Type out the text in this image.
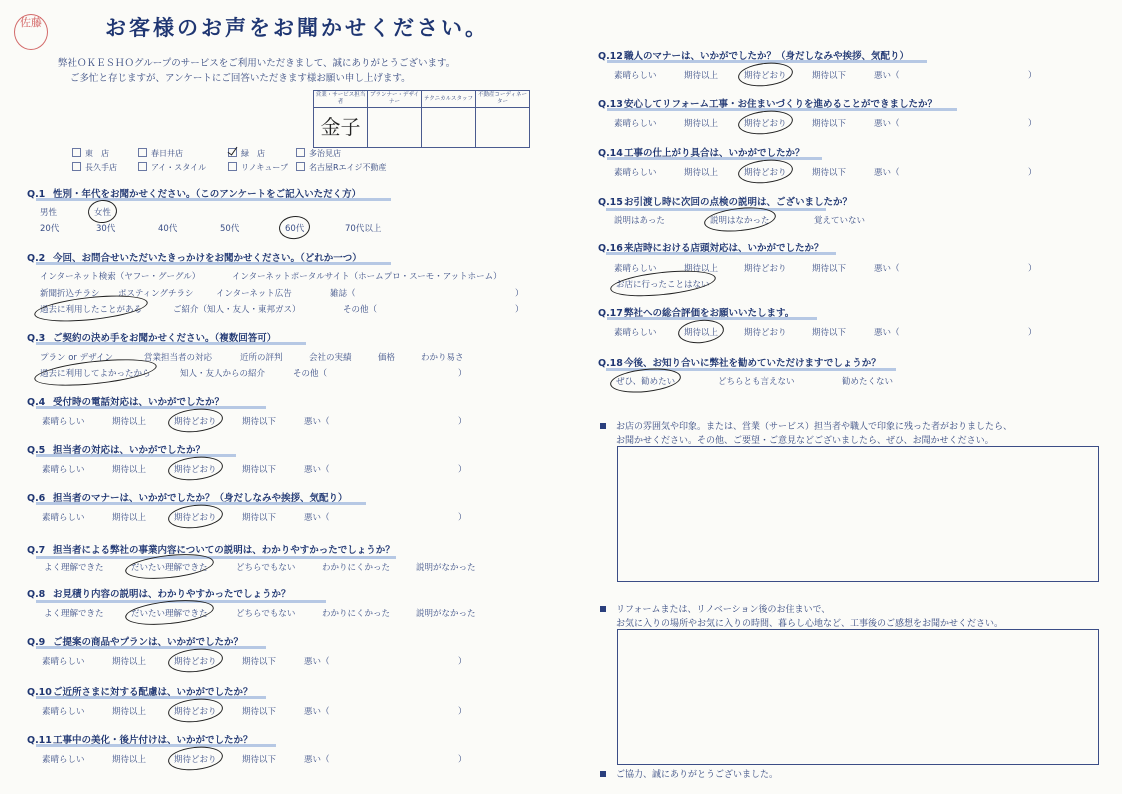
佐藤	お客様のお声をお聞かせください。
弊社ＯＫＥＳＨＯグループのサービスをご利用いただきまして、誠にありがとうございます。
ご多忙と存じますが、アンケートにご回答いただきます様お願い申し上げます。
営業・サービス担当者	プランナー・デザイナー	テクニカルスタッフ	不動産コーディネーター
金子			
東　店	春日井店	緑　店	多治見店
長久手店	アイ・スタイル	リノキューブ	名古屋Rエイジ不動産
Q.1 性別・年代をお聞かせください。（このアンケートをご記入いただく方）
男性	女性
20代	30代	40代	50代	60代	70代以上
Q.2 今回、お問合せいただいたきっかけをお聞かせください。（どれか一つ）
インターネット検索（ヤフー・グーグル）	インターネットポータルサイト（ホームプロ・スーモ・アットホーム）
新聞折込チラシ ポスティングチラシ	インターネット広告	雑誌（	）
過去に利用したことがある	ご紹介（知人・友人・東邦ガス）	その他（	）
Q.3 ご契約の決め手をお聞かせください。（複数回答可）
プラン or デザイン	営業担当者の対応	近所の評判	会社の実績	価格	わかり易さ
過去に利用してよかったから	知人・友人からの紹介	その他（	）
Q.4 受付時の電話対応は、いかがでしたか？
素晴らしい	期待以上	期待どおり	期待以下	悪い（	）
Q.5 担当者の対応は、いかがでしたか？
素晴らしい	期待以上	期待どおり	期待以下	悪い（	）
Q.6 担当者のマナーは、いかがでしたか？（身だしなみや挨拶、気配り）
素晴らしい	期待以上	期待どおり	期待以下	悪い（	）
Q.9 ご提案の商品やプランは、いかがでしたか？
素晴らしい	期待以上	期待どおり	期待以下	悪い（	）
Q.10ご近所さまに対する配慮は、いかがでしたか？
素晴らしい	期待以上	期待どおり	期待以下	悪い（	）
Q.11工事中の美化・後片付けは、いかがでしたか？
素晴らしい	期待以上	期待どおり	期待以下	悪い（	）
Q.7 担当者による弊社の事業内容についての説明は、わかりやすかったでしょうか？
よく理解できた	だいたい理解できた	どちらでもない	わかりにくかった	説明がなかった
Q.8 お見積り内容の説明は、わかりやすかったでしょうか？
よく理解できた	だいたい理解できた	どちらでもない	わかりにくかった	説明がなかった
Q.12職人のマナーは、いかがでしたか？（身だしなみや挨拶、気配り）
素晴らしい	期待以上	期待どおり	期待以下	悪い（	）
Q.13安心してリフォーム工事・お住まいづくりを進めることができましたか？
素晴らしい	期待以上	期待どおり	期待以下	悪い（	）
Q.14工事の仕上がり具合は、いかがでしたか？
素晴らしい	期待以上	期待どおり	期待以下	悪い（	）
Q.17弊社への総合評価をお願いいたします。
素晴らしい	期待以上	期待どおり	期待以下	悪い（	）
Q.15お引渡し時に次回の点検の説明は、ございましたか？
説明はあった	説明はなかった	覚えていない
Q.16来店時における店頭対応は、いかがでしたか？
素晴らしい	期待以上	期待どおり	期待以下	悪い（	）
お店に行ったことはない
Q.18今後、お知り合いに弊社を勧めていただけますでしょうか？
ぜひ、勧めたい	どちらとも言えない	勧めたくない
お店の雰囲気や印象。または、営業（サービス）担当者や職人で印象に残った者がおりましたら、
お聞かせください。その他、ご要望・ご意見などございましたら、ぜひ、お聞かせください。
リフォームまたは、リノベーション後のお住まいで、
お気に入りの場所やお気に入りの時間、暮らし心地など、工事後のご感想をお聞かせください。
ご協力、誠にありがとうございました。
